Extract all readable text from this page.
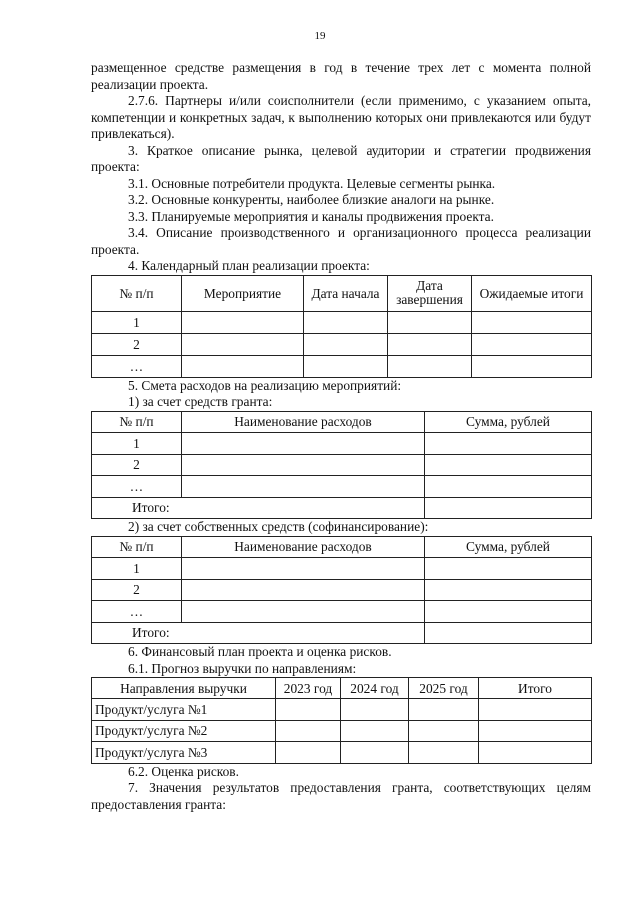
19

размещенное средстве размещения в год в течение трех лет с момента полной реализации проекта.

2.7.6. Партнеры и/или соисполнители (если применимо, с указанием опыта, компетенции и конкретных задач, к выполнению которых они привлекаются или будут привлекаться).

3. Краткое описание рынка, целевой аудитории и стратегии продвижения проекта:

3.1. Основные потребители продукта. Целевые сегменты рынка.

3.2. Основные конкуренты, наиболее близкие аналоги на рынке.

3.3. Планируемые мероприятия и каналы продвижения проекта.

3.4. Описание производственного и организационного процесса реализации проекта.

4. Календарный план реализации проекта:

№ п/п	Мероприятие	Дата начала	Дата завершения	Ожидаемые итоги
1				
2				
…				

5. Смета расходов на реализацию мероприятий:

1) за счет средств гранта:

№ п/п	Наименование расходов	Сумма, рублей
1		
2		
…		
Итого:		

2) за счет собственных средств (софинансирование):

№ п/п	Наименование расходов	Сумма, рублей
1		
2		
…		
Итого:		

6. Финансовый план проекта и оценка рисков.

6.1. Прогноз выручки по направлениям:

Направления выручки	2023 год	2024 год	2025 год	Итого
Продукт/услуга №1				
Продукт/услуга №2				
Продукт/услуга №3				

6.2. Оценка рисков.

7. Значения результатов предоставления гранта, соответствующих целям предоставления гранта:
